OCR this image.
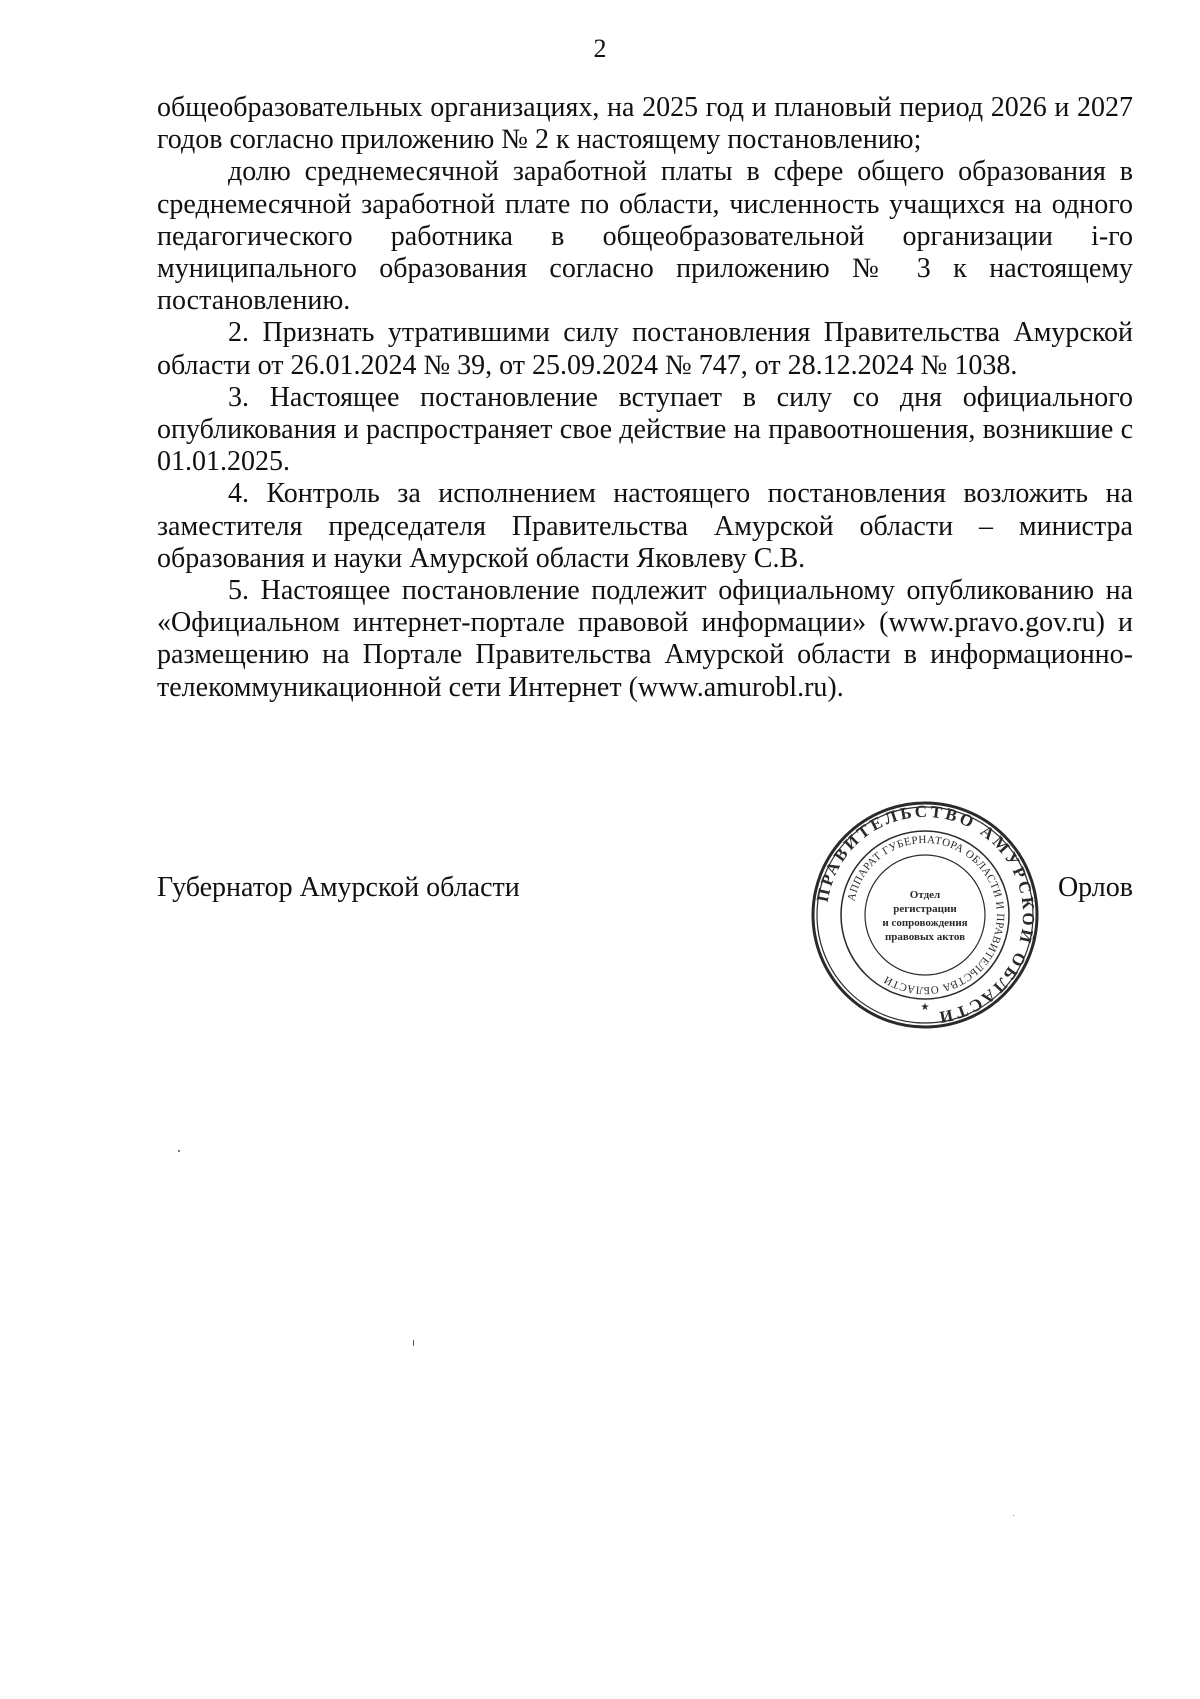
2

общеобразовательных организациях, на 2025 год и плановый период 2026 и 2027 годов согласно приложению № 2 к настоящему постановлению;

долю среднемесячной заработной платы в сфере общего образования в среднемесячной заработной плате по области, численность учащихся на одного педагогического работника в общеобразовательной организации i-го муниципального образования согласно приложению № 3 к настоящему постановлению.

2. Признать утратившими силу постановления Правительства Амурской области от 26.01.2024 № 39, от 25.09.2024 № 747, от 28.12.2024 № 1038.

3. Настоящее постановление вступает в силу со дня официального опубликования и распространяет свое действие на правоотношения, возникшие с 01.01.2025.

4. Контроль за исполнением настоящего постановления возложить на заместителя председателя Правительства Амурской области – министра образования и науки Амурской области Яковлеву С.В.

5. Настоящее постановление подлежит официальному опубликованию на «Официальном интернет-портале правовой информации» (www.pravo.gov.ru) и размещению на Портале Правительства Амурской области в информационно-телекоммуникационной сети Интернет (www.amurobl.ru).

Губернатор Амурской области	Орлов
ПРАВИТЕЛЬСТВО АМУРСКОЙ ОБЛАСТИ
АППАРАТ ГУБЕРНАТОРА ОБЛАСТИ И ПРАВИТЕЛЬСТВА ОБЛАСТИ
Отдел
регистрации
и сопровождения
правовых актов
★
